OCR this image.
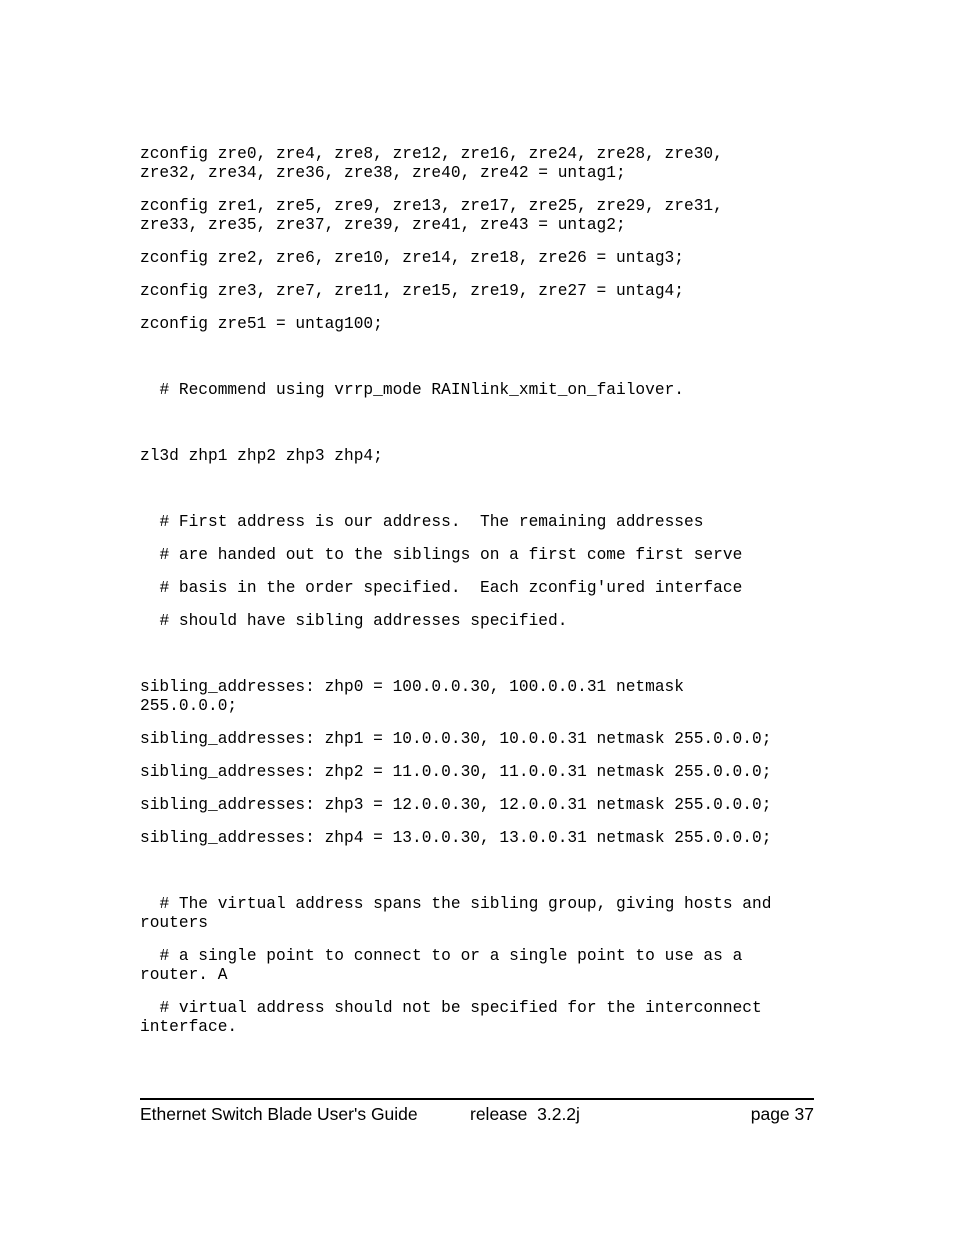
zconfig zre0, zre4, zre8, zre12, zre16, zre24, zre28, zre30,
zre32, zre34, zre36, zre38, zre40, zre42 = untag1;

zconfig zre1, zre5, zre9, zre13, zre17, zre25, zre29, zre31,
zre33, zre35, zre37, zre39, zre41, zre43 = untag2;

zconfig zre2, zre6, zre10, zre14, zre18, zre26 = untag3;

zconfig zre3, zre7, zre11, zre15, zre19, zre27 = untag4;

zconfig zre51 = untag100;

# Recommend using vrrp_mode RAINlink_xmit_on_failover.

zl3d zhp1 zhp2 zhp3 zhp4;

# First address is our address.  The remaining addresses

# are handed out to the siblings on a first come first serve

# basis in the order specified.  Each zconfig'ured interface

# should have sibling addresses specified.

sibling_addresses: zhp0 = 100.0.0.30, 100.0.0.31 netmask
255.0.0.0;

sibling_addresses: zhp1 = 10.0.0.30, 10.0.0.31 netmask 255.0.0.0;

sibling_addresses: zhp2 = 11.0.0.30, 11.0.0.31 netmask 255.0.0.0;

sibling_addresses: zhp3 = 12.0.0.30, 12.0.0.31 netmask 255.0.0.0;

sibling_addresses: zhp4 = 13.0.0.30, 13.0.0.31 netmask 255.0.0.0;

# The virtual address spans the sibling group, giving hosts and
routers

# a single point to connect to or a single point to use as a
router. A

# virtual address should not be specified for the interconnect
interface.

Ethernet Switch Blade User's Guide	release  3.2.2j	page 37
